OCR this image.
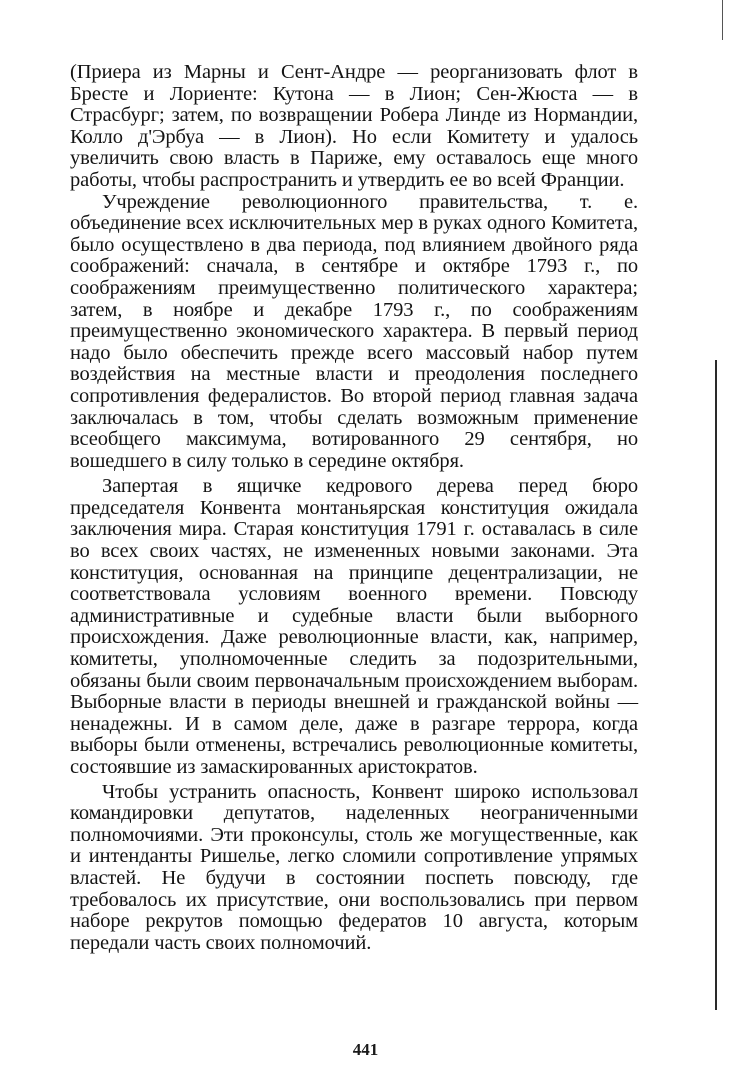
(Приера из Марны и Сент-Андре — реорганизовать флот в Бресте и Лориенте: Кутона — в Лион; Сен-Жюста — в Страсбург; затем, по возвращении Робера Линде из Нормандии, Колло д'Эрбуа — в Лион). Но если Комитету и удалось увеличить свою власть в Париже, ему оставалось еще много работы, чтобы распространить и утвердить ее во всей Франции.

Учреждение революционного правительства, т. е. объединение всех исключительных мер в руках одного Комитета, было осуществлено в два периода, под влиянием двойного ряда соображений: сначала, в сентябре и октябре 1793 г., по соображениям преимущественно политического характера; затем, в ноябре и декабре 1793 г., по соображениям преимущественно экономического характера. В первый период надо было обеспечить прежде всего массовый набор путем воздействия на местные власти и преодоления последнего сопротивления федералистов. Во второй период главная задача заключалась в том, чтобы сделать возможным применение всеобщего максимума, вотированного 29 сентября, но вошедшего в силу только в середине октября.

Запертая в ящичке кедрового дерева перед бюро председателя Конвента монтаньярская конституция ожидала заключения мира. Старая конституция 1791 г. оставалась в силе во всех своих частях, не измененных новыми законами. Эта конституция, основанная на принципе децентрализации, не соответствовала условиям военного времени. Повсюду административные и судебные власти были выборного происхождения. Даже революционные власти, как, например, комитеты, уполномоченные следить за подозрительными, обязаны были своим первоначальным происхождением выборам. Выборные власти в периоды внешней и гражданской войны — ненадежны. И в самом деле, даже в разгаре террора, когда выборы были отменены, встречались революционные комитеты, состоявшие из замаскированных аристократов.

Чтобы устранить опасность, Конвент широко использовал командировки депутатов, наделенных неограниченными полномочиями. Эти проконсулы, столь же могущественные, как и интенданты Ришелье, легко сломили сопротивление упрямых властей. Не будучи в состоянии поспеть повсюду, где требовалось их присутствие, они воспользовались при первом наборе рекрутов помощью федератов 10 августа, которым передали часть своих полномочий.

441
